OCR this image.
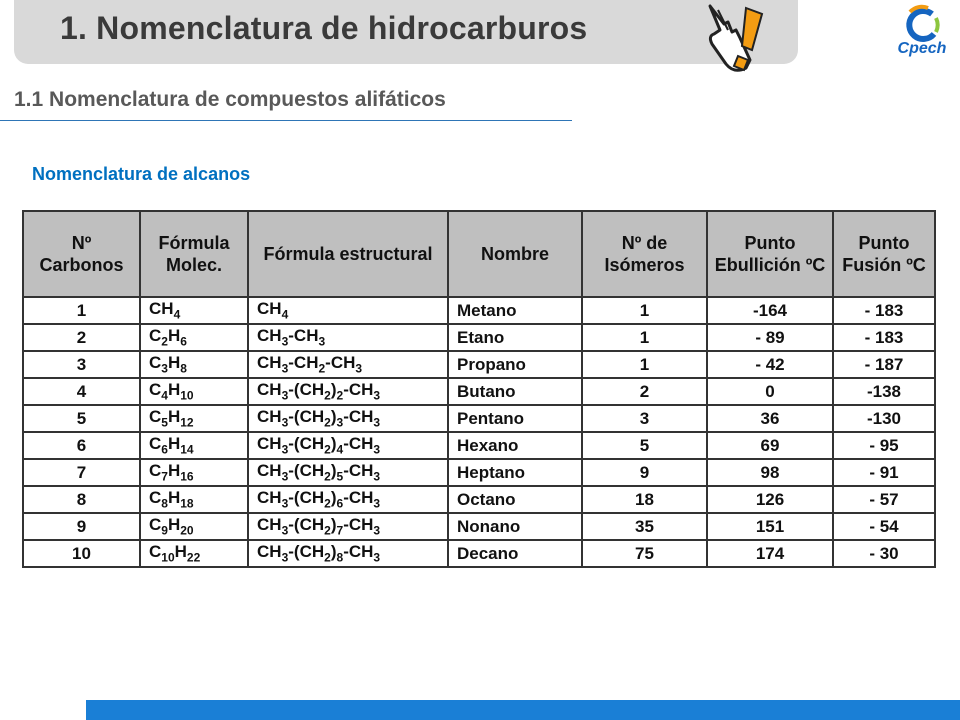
1. Nomenclatura de hidrocarburos
Cpech
1.1 Nomenclatura de compuestos alifáticos
Nomenclatura de alcanos
Nº Carbonos	Fórmula Molec.	Fórmula estructural	Nombre	Nº de Isómeros	Punto Ebullición ºC	Punto Fusión ºC
1	$CH_4$	$CH_4$	Metano	1	-164	- 183
2	$C_2H_6$	$CH_3-CH_3$	Etano	1	- 89	- 183
3	$C_3H_8$	$CH_3-CH_2-CH_3$	Propano	1	- 42	- 187
4	$C_4H_{10}$	$CH_3-(CH_2)_2-CH_3$	Butano	2	0	-138
5	$C_5H_{12}$	$CH_3-(CH_2)_3-CH_3$	Pentano	3	36	-130
6	$C_6H_{14}$	$CH_3-(CH_2)_4-CH_3$	Hexano	5	69	- 95
7	$C_7H_{16}$	$CH_3-(CH_2)_5-CH_3$	Heptano	9	98	- 91
8	$C_8H_{18}$	$CH_3-(CH_2)_6-CH_3$	Octano	18	126	- 57
9	$C_9H_{20}$	$CH_3-(CH_2)_7-CH_3$	Nonano	35	151	- 54
10	$C_{10}H_{22}$	$CH_3-(CH_2)_8-CH_3$	Decano	75	174	- 30
